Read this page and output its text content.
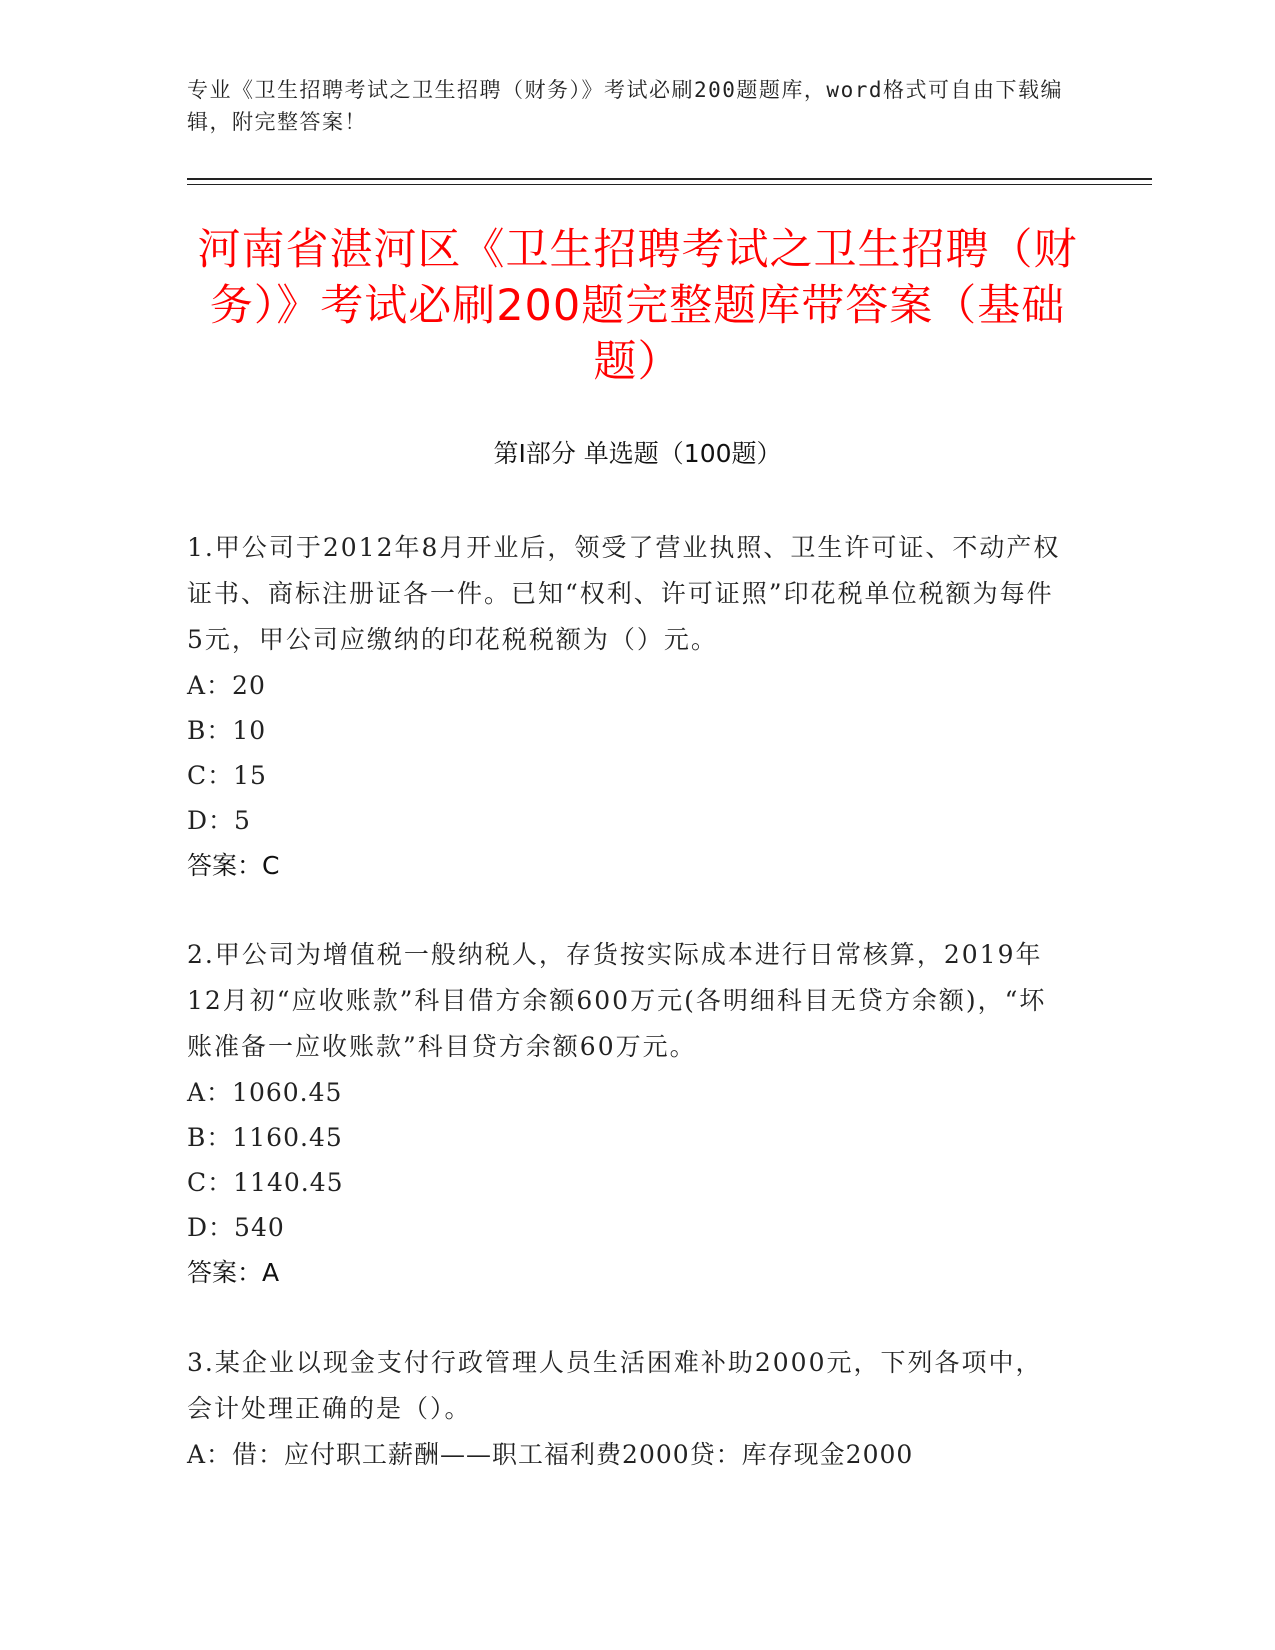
专业《卫生招聘考试之卫生招聘（财务）》考试必刷200题题库，word格式可自由下载编辑，附完整答案！
河南省湛河区《卫生招聘考试之卫生招聘（财务）》考试必刷200题完整题库带答案（基础题）
第I部分 单选题（100题）
1.甲公司于2012年8月开业后，领受了营业执照、卫生许可证、不动产权证书、商标注册证各一件。已知“权利、许可证照”印花税单位税额为每件5元，甲公司应缴纳的印花税税额为（）元。
A：20
B：10
C：15
D：5
答案：C
2.甲公司为增值税一般纳税人，存货按实际成本进行日常核算，2019年12月初“应收账款”科目借方余额600万元(各明细科目无贷方余额)，“坏账准备一应收账款”科目贷方余额60万元。
A：1060.45
B：1160.45
C：1140.45
D：540
答案：A
3.某企业以现金支付行政管理人员生活困难补助2000元，下列各项中，会计处理正确的是（）。
A：借：应付职工薪酬——职工福利费2000贷：库存现金2000
